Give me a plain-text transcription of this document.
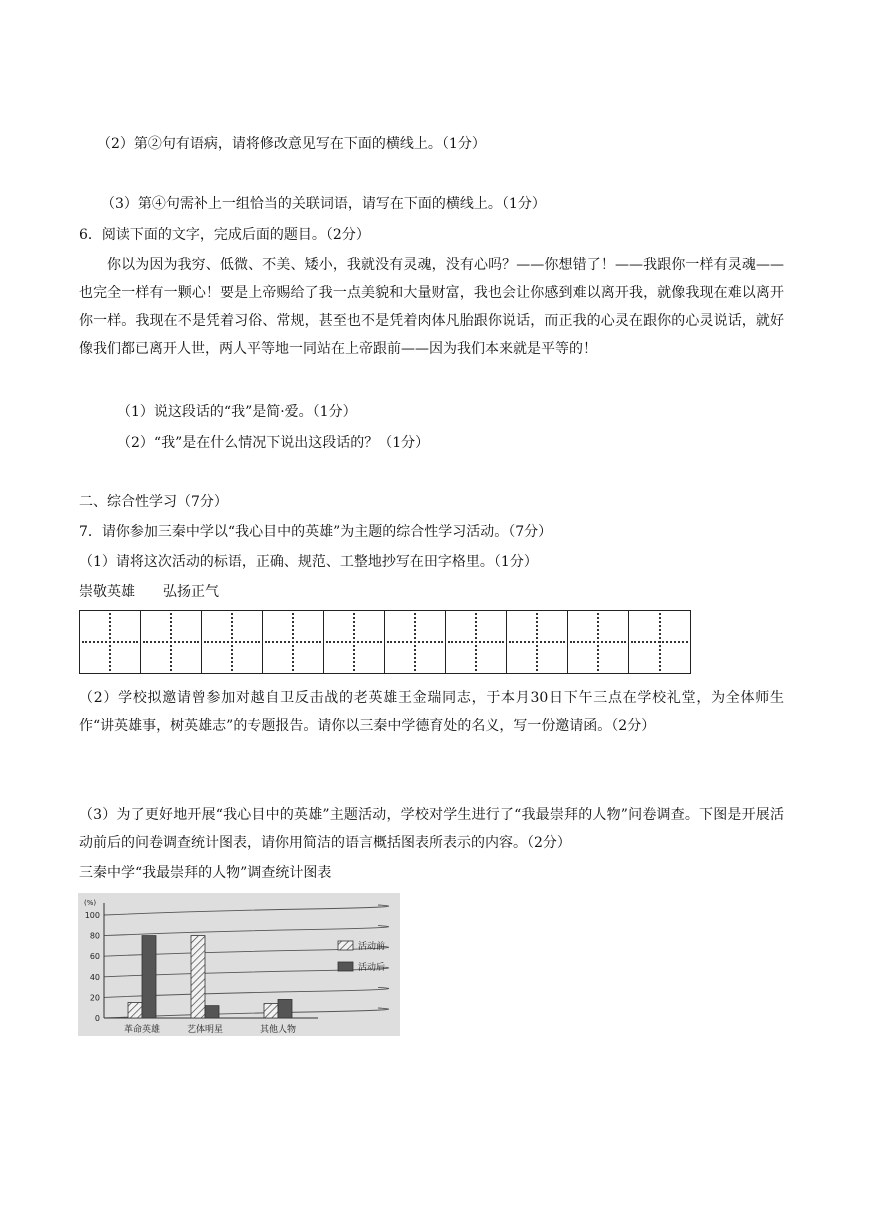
（2）第②句有语病，请将修改意见写在下面的横线上。（1分）
（3）第④句需补上一组恰当的关联词语，请写在下面的横线上。（1分）
6．阅读下面的文字，完成后面的题目。（2分）
你以为因为我穷、低微、不美、矮小，我就没有灵魂，没有心吗？——你想错了！——我跟你一样有灵魂——也完全一样有一颗心！要是上帝赐给了我一点美貌和大量财富，我也会让你感到难以离开我，就像我现在难以离开你一样。我现在不是凭着习俗、常规，甚至也不是凭着肉体凡胎跟你说话，而正我的心灵在跟你的心灵说话，就好像我们都已离开人世，两人平等地一同站在上帝跟前——因为我们本来就是平等的！
（1）说这段话的“我”是简·爱。（1分）
（2）“我”是在什么情况下说出这段话的？（1分）
二、综合性学习（7分）
7．请你参加三秦中学以“我心目中的英雄”为主题的综合性学习活动。（7分）
（1）请将这次活动的标语，正确、规范、工整地抄写在田字格里。（1分）
崇敬英雄　　弘扬正气
（2）学校拟邀请曾参加对越自卫反击战的老英雄王金瑞同志，于本月30日下午三点在学校礼堂，为全体师生作“讲英雄事，树英雄志”的专题报告。请你以三秦中学德育处的名义，写一份邀请函。（2分）
（3）为了更好地开展“我心目中的英雄”主题活动，学校对学生进行了“我最崇拜的人物”问卷调查。下图是开展活动前后的问卷调查统计图表，请你用简洁的语言概括图表所表示的内容。（2分）
三秦中学“我最崇拜的人物”调查统计图表
0
20
40
60
80
100
(%)
革命英雄	艺体明星	其他人物
活动前
活动后
